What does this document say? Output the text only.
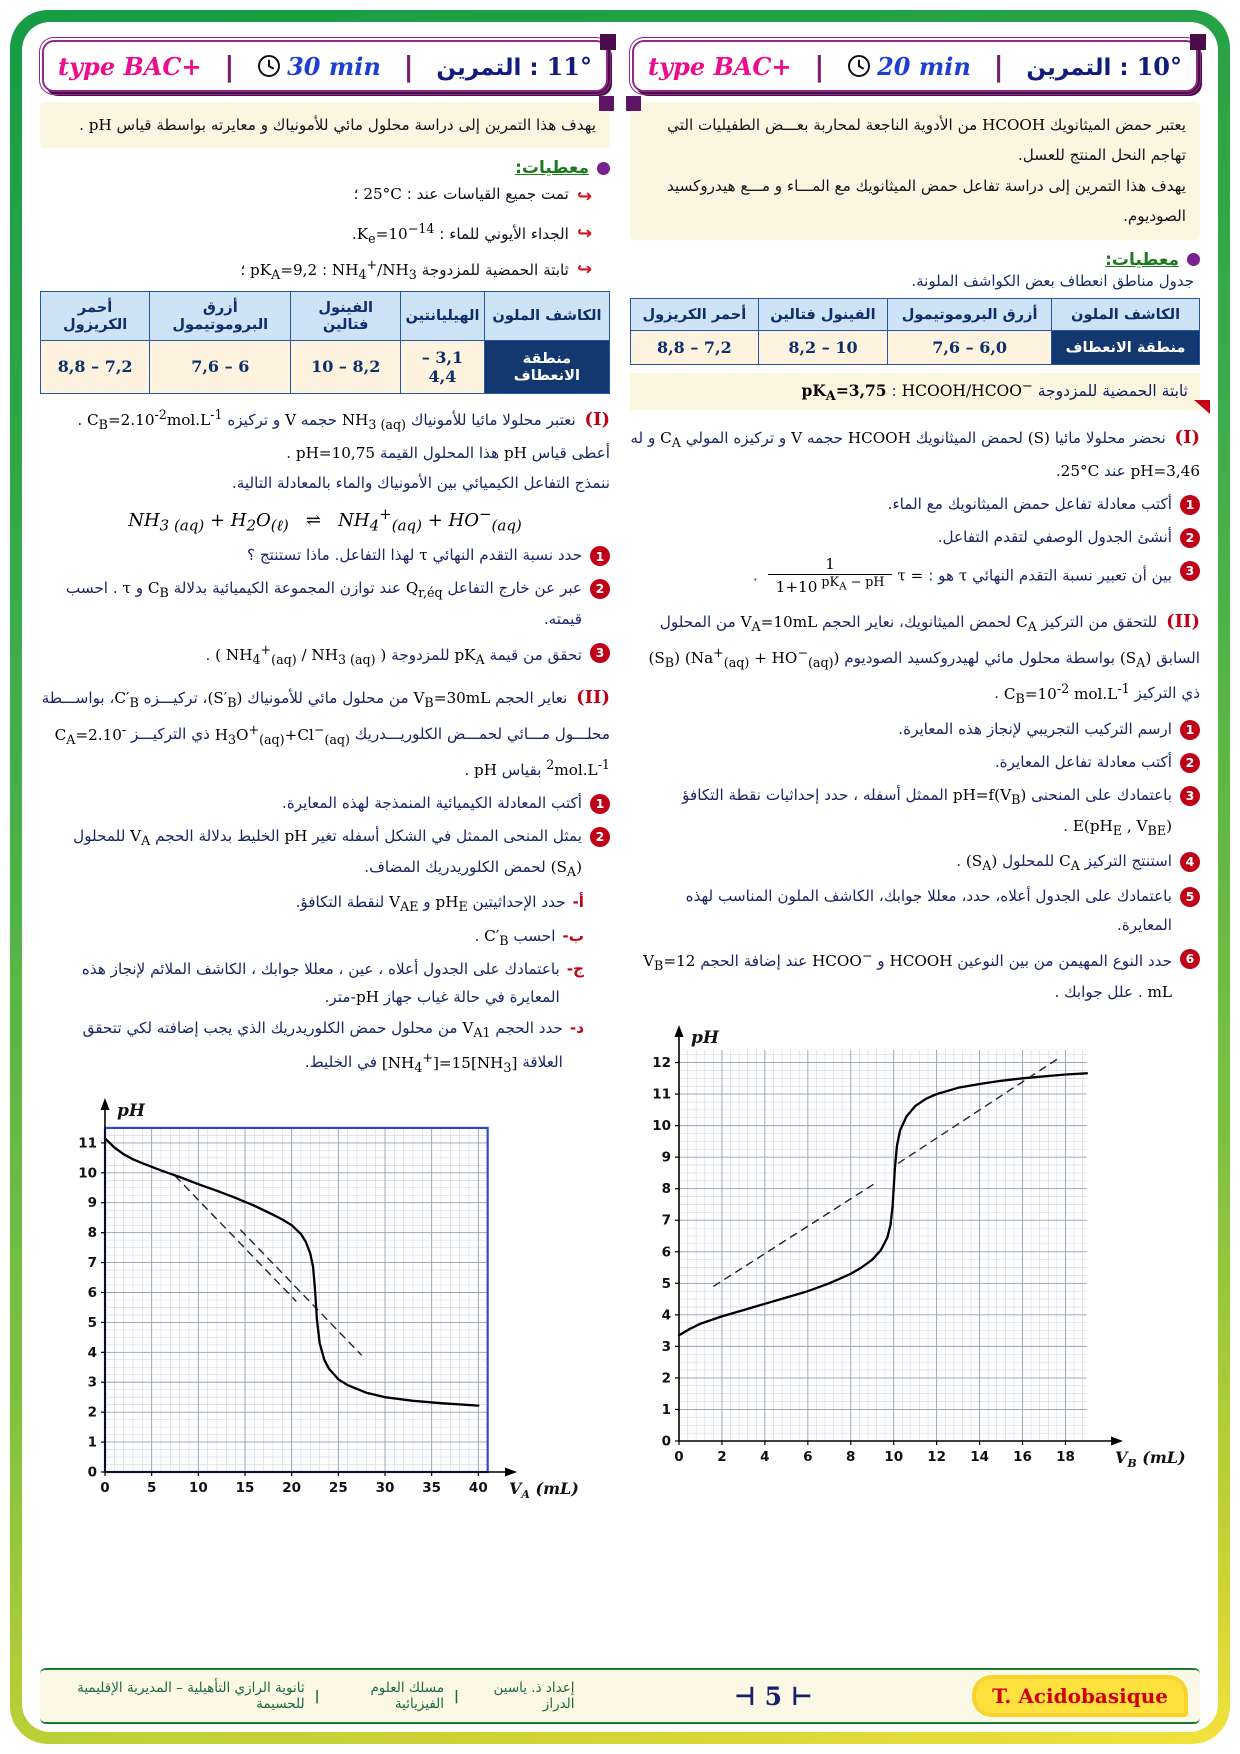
type BAC+ | 20 min | التمرين : 10°

يعتبر حمض الميثانويك HCOOH من الأدوية الناجعة لمحاربة بعـــض الطفيليات التي تهاجم النحل المنتج للعسل.
يهدف هذا التمرين إلى دراسة تفاعل حمض الميثانويك مع المـــاء و مـــع هيدروكسيد الصوديوم.

معطيات:

جدول مناطق انعطاف بعض الكواشف الملونة.

الكاشف الملون	أزرق البروموتيمول	الفينول فتالين	أحمر الكريزول
منطقة الانعطاف	6,0 – 7,6	10 – 8,2	7,2 – 8,8
ثابتة الحمضية للمزدوجة HCOOH/HCOO− : $pK_A=3,75$
(I) نحضر محلولا مائيا (S) لحمض الميثانويك HCOOH حجمه V و تركيزه المولي $C_A$ و له pH=3,46 عند 25°C.
1
أكتب معادلة تفاعل حمض الميثانويك مع الماء.
2
أنشئ الجدول الوصفي لتقدم التفاعل.
3
بين أن تعبير نسبة التقدم النهائي τ هو : τ =
$\frac{1}{1+10 ^{pK_A - pH}}$
.
(II) للتحقق من التركيز $C_A$ لحمض الميثانويك، نعاير الحجم $V_A=10mL$ من المحلول السابق $(S_A)$ بواسطة محلول مائي لهيدروكسيد الصوديوم $(Na^+_{(aq)} + HO^-_{(aq)})$ $(S_B)$ ذي التركيز $C_B=10^{-2}$ $mol.L^{-1}$ .
1
ارسم التركيب التجريبي لإنجاز هذه المعايرة.
2
أكتب معادلة تفاعل المعايرة.
3
باعتمادك على المنحنى $pH=f(V_B)$ الممثل أسفله ، حدد إحداثيات نقطة التكافؤ $E(pH_E$ , $V_{BE}$) .
4
استنتج التركيز $C_A$ للمحلول $(S_A)$ .
5
باعتمادك على الجدول أعلاه، حدد، معللا جوابك، الكاشف الملون المناسب لهذه المعايرة.
6
حدد النوع المهيمن من بين النوعين HCOOH و HCOO− عند إضافة الحجم $V_B=12$ mL . علل جوابك .
0 2 4 6 8 10 12 14 16 18
0
1
2
3
4
5
6
7
8
9
10
11
12
pH
$V_B$ (mL)
type BAC+ | 30 min | التمرين : 11°

يهدف هذا التمرين إلى دراسة محلول مائي للأمونياك و معايرته بواسطة قياس pH .

معطيات:
↩
تمت جميع القياسات عند : 25°C ؛
↩
الجداء الأيوني للماء : $K_e=10^{-14}$.
↩
ثابتة الحمضية للمزدوجة $NH_4^+/NH_3$ : $pK_A=9,2$ ؛
الكاشف الملون	الهيليانتين	الفينول فتالين	أزرق البروموتيمول	أحمر الكريزول
منطقة الانعطاف	3,1 – 4,4	8,2 – 10	6 – 7,6	7,2 – 8,8
(I) نعتبر محلولا مائيا للأمونياك $NH_{3 (aq)}$ حجمه V و تركيزه $C_B=2.10^{-2}mol.L^{-1}$ .
أعطى قياس pH هذا المحلول القيمة pH=10,75 .
ننمذج التفاعل الكيميائي بين الأمونياك والماء بالمعادلة التالية.
$NH_{3 (aq)} + H_2O_{(\ell)}$   ⇌   $NH_4^+_{(aq)} + HO^-_{(aq)}$
1
حدد نسبة التقدم النهائي τ لهذا التفاعل. ماذا تستنتج ؟
2
عبر عن خارج التفاعل $Q_{r,éq}$ عند توازن المجموعة الكيميائية بدلالة $C_B$ و τ . احسب قيمته.
3
تحقق من قيمة $pK_A$ للمزدوجة ( $NH_4^+_{(aq)} / NH_{3 (aq)}$ ) .
(II) نعاير الحجم $V_B=30mL$ من محلول مائي للأمونياك $(S'_B)،$ تركيـــزه $C'_B،$ بواســـطة محلـــول مـــائي لحمـــض الكلوريـــدريك $H_3O^+_{(aq)}+Cl^-_{(aq)}$ ذي التركيـــز $C_A=2.10^{-2}mol.L^{-1}$ بقياس pH .
1
أكتب المعادلة الكيميائية المنمذجة لهذه المعايرة.
2
يمثل المنحى الممثل في الشكل أسفله تغير pH الخليط بدلالة الحجم $V_A$ للمحلول $(S_A)$ لحمض الكلوريدريك المضاف.
أ-
حدد الإحداثيتين $pH_E$ و $V_{AE}$ لنقطة التكافؤ.
ب-
احسب $C'_B$ .
ج-
باعتمادك على الجدول أعلاه ، عين ، معللا جوابك ، الكاشف الملائم لإنجاز هذه المعايرة في حالة غياب جهاز pH-متر.
د-
حدد الحجم $V_{A1}$ من محلول حمض الكلوريدريك الذي يجب إضافته لكي تتحقق العلاقة $[NH_4^+]=15[NH_3]$ في الخليط.
0	5 10 15 20 25 30 35 40
0
1
2
3
4
5
6
7
8
9
10
11
pH
$V_A$ (mL)
إعداد ذ. ياسين الدراز
|
مسلك العلوم الفيزيائية
|
ثانوية الرازي التأهيلية – المديرية الإقليمية للحسيمة	⊣ 5 ⊢	T. Acidobasique
